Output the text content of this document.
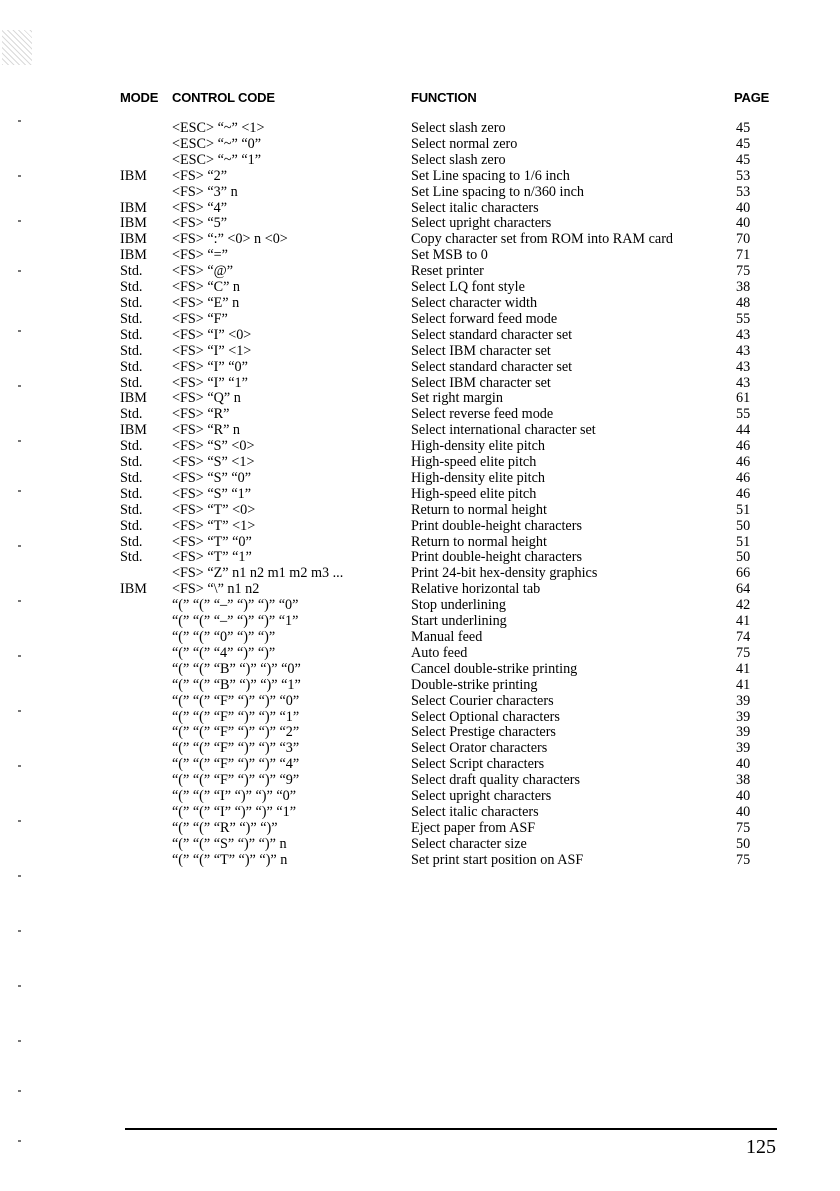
MODE CONTROL CODE	FUNCTION	PAGE
<ESC> “~” <1>	Select slash zero	45
<ESC> “~” “0”	Select normal zero	45
<ESC> “~” “1”	Select slash zero	45
IBM <FS> “2”	Set Line spacing to 1/6 inch	53
<FS> “3” n	Set Line spacing to n/360 inch	53
IBM <FS> “4”	Select italic characters	40
IBM <FS> “5”	Select upright characters	40
IBM <FS> “:” <0> n <0>	Copy character set from ROM into RAM card	70
IBM <FS> “=”	Set MSB to 0	71
Std. <FS> “@”	Reset printer	75
Std. <FS> “C” n	Select LQ font style	38
Std. <FS> “E” n	Select character width	48
Std. <FS> “F”	Select forward feed mode	55
Std. <FS> “I” <0>	Select standard character set	43
Std. <FS> “I” <1>	Select IBM character set	43
Std. <FS> “I” “0”	Select standard character set	43
Std. <FS> “I” “1”	Select IBM character set	43
IBM <FS> “Q” n	Set right margin	61
Std. <FS> “R”	Select reverse feed mode	55
IBM <FS> “R” n	Select international character set	44
Std. <FS> “S” <0>	High-density elite pitch	46
Std. <FS> “S” <1>	High-speed elite pitch	46
Std. <FS> “S” “0”	High-density elite pitch	46
Std. <FS> “S” “1”	High-speed elite pitch	46
Std. <FS> “T” <0>	Return to normal height	51
Std. <FS> “T” <1>	Print double-height characters	50
Std. <FS> “T” “0”	Return to normal height	51
Std. <FS> “T” “1”	Print double-height characters	50
<FS> “Z” n1 n2 m1 m2 m3 ...	Print 24-bit hex-density graphics	66
IBM <FS> “\” n1 n2	Relative horizontal tab	64
“(” “(” “–” “)” “)” “0”	Stop underlining	42
“(” “(” “–” “)” “)” “1”	Start underlining	41
“(” “(” “0” “)” “)”	Manual feed	74
“(” “(” “4” “)” “)”	Auto feed	75
“(” “(” “B” “)” “)” “0”	Cancel double-strike printing	41
“(” “(” “B” “)” “)” “1”	Double-strike printing	41
“(” “(” “F” “)” “)” “0”	Select Courier characters	39
“(” “(” “F” “)” “)” “1”	Select Optional characters	39
“(” “(” “F” “)” “)” “2”	Select Prestige characters	39
“(” “(” “F” “)” “)” “3”	Select Orator characters	39
“(” “(” “F” “)” “)” “4”	Select Script characters	40
“(” “(” “F” “)” “)” “9”	Select draft quality characters	38
“(” “(” “I” “)” “)” “0”	Select upright characters	40
“(” “(” “I” “)” “)” “1”	Select italic characters	40
“(” “(” “R” “)” “)”	Eject paper from ASF	75
“(” “(” “S” “)” “)” n	Select character size	50
“(” “(” “T” “)” “)” n	Set print start position on ASF	75
125
